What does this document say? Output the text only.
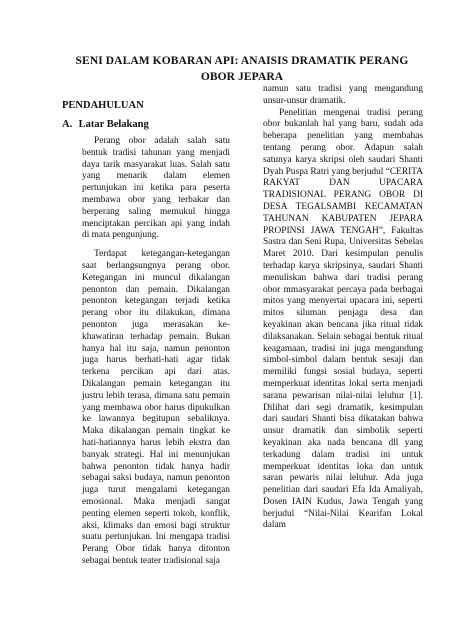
SENI DALAM KOBARAN API: ANAISIS DRAMATIK PERANG OBOR JEPARA
PENDAHULUAN
A. Latar Belakang

Perang obor adalah salah satu bentuk tradisi tahunan yang menjadi daya tarik masyarakat luas. Salah satu yang menarik dalam elemen pertunjukan ini ketika para peserta membawa obor yang terbakar dan berperang saling memukul hingga menciptakan percikan api yang indah di mata pengunjung.

Terdapat ketegangan-ketegangan saat berlangsungnya perang obor. Ketegangan ini muncul dikalangan penonton dan pemain. Dikalangan penonton ketegangan terjadi ketika perang obor itu dilakukan, dimana penonton juga merasakan ke-khawatiran terhadap pemain. Bukan hanya hal itu saja, namun penonton juga harus berhati-hati agar tidak terkena percikan api dari atas. Dikalangan pemain ketegangan itu justru lebih terasa, dimana satu pemain yang membawa obor harus dipukulkan ke lawannya begitupun sebaliknya. Maka dikalangan pemain tingkat ke hati-hatiannya harus lebih ekstra dan banyak strategi. Hal ini menunjukan bahwa penonton tidak hanya hadir sebagai saksi budaya, namun penonton juga turut mengalami ketegangan emosional. Maka menjadi sangat penting elemen seperti tokoh, konflik, aksi, klimaks dan emosi bagi struktur suatu pertunjukan. Ini mengapa tradisi Perang Obor tidak hanya ditonton sebagai bentuk teater tradisional saja

namun satu tradisi yang mengandung unsur-unsur dramatik.

Penelitian mengenai tradisi perang obor bukanlah hal yang baru, sudah ada beberapa penelitian yang membahas tentang perang obor. Adapun salah satunya karya skripsi oleh saudari Shanti Dyah Puspa Ratri yang berjudul “CERITA RAKYAT DAN UPACARA TRADISIONAL PERANG OBOR DI DESA TEGALSAMBI KECAMATAN TAHUNAN KABUPATEN JEPARA PROPINSI JAWA TENGAH”, Fakultas Sastra dan Seni Rupa, Universitas Sebelas Maret 2010. Dari kesimpulan penulis terhadap karya skripsinya, saudari Shanti menuliskan bahwa dari tradisi perang obor mmasyarakat percaya pada berbagai mitos yang menyertai upacara ini, seperti mitos siluman penjaga desa dan keyakinan akan bencana jika ritual tidak dilaksanakan. Selain sebagai bentuk ritual keagamaan, tradisi ini juga mengandung simbol-simbol dalam bentuk sesaji dan memiliki fungsi sosial budaya, seperti memperkuat identitas lokal serta menjadi sarana pewarisan nilai-nilai leluhur [1]. Dilihat dari segi dramatik, kesimpulan dari saudari Shanti bisa dikatakan bahwa unsur dramatik dan simbolik seperti keyakinan aka nada bencana dll yang terkadung dalam tradisi ini untuk memperkuat identitas loka dan untuk saran pewaris nilai leluhur. Ada juga penelitian dari saudari Efa Ida Amaliyah, Dosen IAIN Kudus, Jawa Tengah yang berjudul “Nilai-Nilai Kearifan Lokal dalam
